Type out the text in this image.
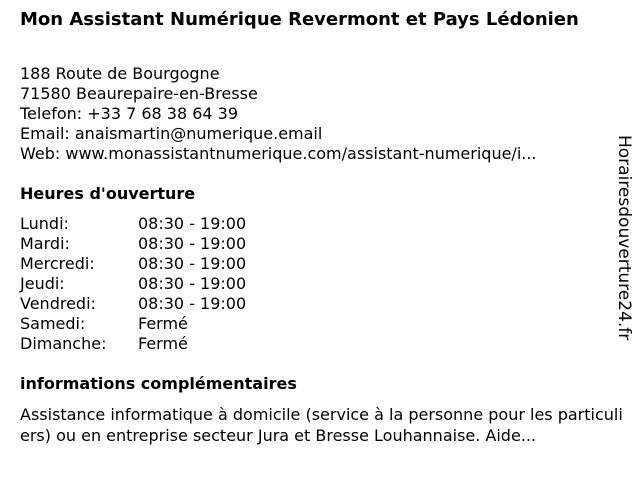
Mon Assistant Numérique Revermont et Pays Lédonien
188 Route de Bourgogne
71580 Beaurepaire-en-Bresse
Telefon: +33 7 68 38 64 39
Email: anaismartin@numerique.email
Web: www.monassistantnumerique.com/assistant-numerique/i...
Heures d'ouverture
Lundi:	08:30 - 19:00
Mardi:	08:30 - 19:00
Mercredi:	08:30 - 19:00
Jeudi:	08:30 - 19:00
Vendredi:	08:30 - 19:00
Samedi:	Fermé
Dimanche:	Fermé
informations complémentaires
Assistance informatique à domicile (service à la personne pour les particuliers) ou en entreprise secteur Jura et Bresse Louhannaise. Aide...
Horairesdouverture24.fr
